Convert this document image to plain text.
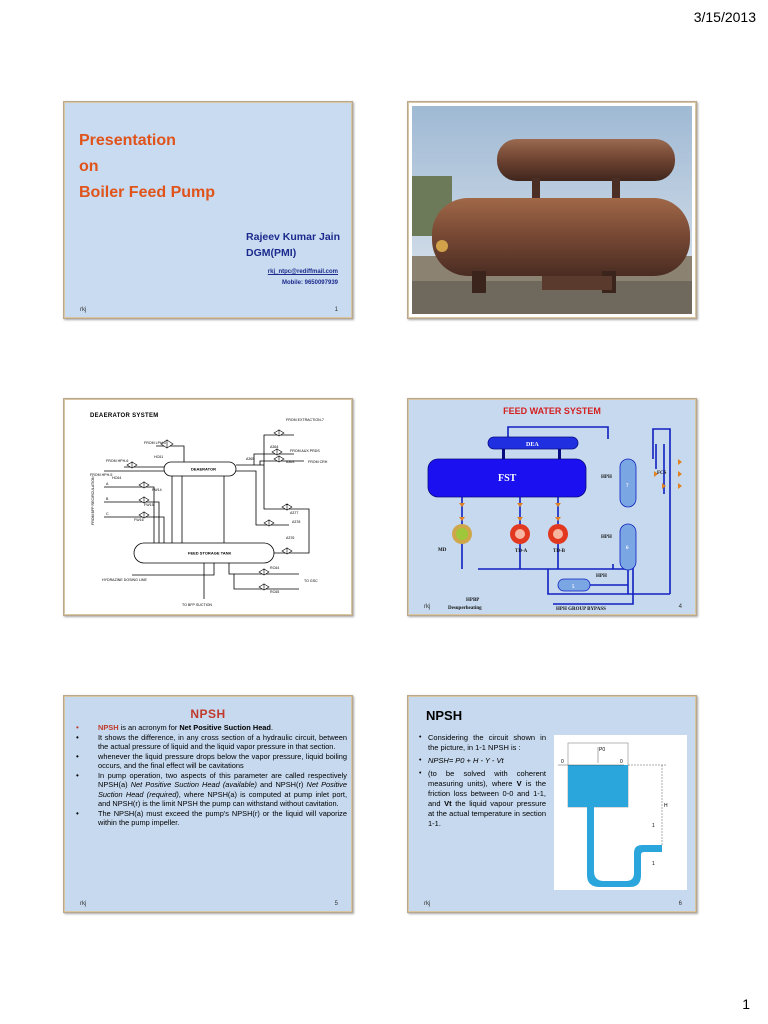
3/15/2013
Presentation
on
Boiler Feed Pump
Rajeev Kumar Jain
DGM(PMI)
rkj_ntpc@rediffmail.com
Mobile: 9650097939
rkj	1
DEAERATOR SYSTEM
DEAERATOR
FEED STORAGE TANK
FROM LPH-3
HC61
FROM HPH-6
FROM HPH-5
HC64
A365
A364
A363
FROM EXTRACTION-7
FROM AUX PRDS
FROM CRH
A377
A378
A376
FW14
FW15
FW16
A
B
C
FROM BFP RECIRCULATION
HYDRAZINE DOSING LINE
RC64
RC65
TO GSC
TO BFP SUCTION
FEED WATER SYSTEM
DEA
FST
MD	TD-A	TD-B
HPH
HPH
HPH
7
6
5
HPBP
Desuperheating
FCS
HPH GROUP BYPASS
rkj	4
NPSH
•	NPSH is an acronym for Net Positive Suction Head.
•	It shows the difference, in any cross section of a hydraulic circuit, between the actual pressure of liquid and the liquid vapor pressure in that section.
•	whenever the liquid pressure drops below the vapor pressure, liquid boiling occurs, and the final effect will be cavitations
•	In pump operation, two aspects of this parameter are called respectively NPSH(a) Net Positive Suction Head (available) and NPSH(r) Net Positive Suction Head (required), where NPSH(a) is computed at pump inlet port, and NPSH(r) is the limit NPSH the pump can withstand without cavitation.
•	The NPSH(a) must exceed the pump's NPSH(r) or the liquid will vaporize within the pump impeller.
rkj	5
NPSH
• Considering the circuit shown in the picture, in 1-1 NPSH is :
• NPSH= P0 + H - Y - Vt
• (to be solved with coherent measuring units), where V is the friction loss between 0-0 and 1-1, and Vt the liquid vapour pressure at the actual temperature in section 1-1.
P0
0	0
H
1
1
rkj	6
1
